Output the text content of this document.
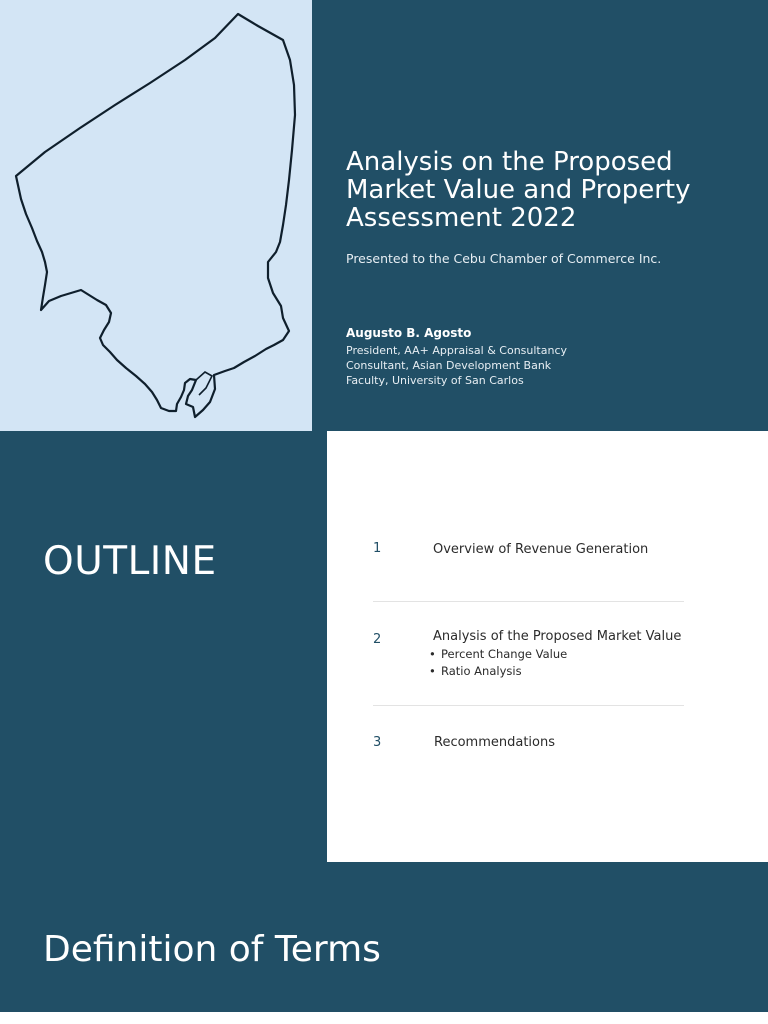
Analysis on the Proposed Market Value and Property Assessment 2022
Presented to the Cebu Chamber of Commerce Inc.
Augusto B. Agosto
President, AA+ Appraisal & Consultancy
Consultant, Asian Development Bank
Faculty, University of San Carlos
OUTLINE	1	Overview of Revenue Generation
2	Analysis of the Proposed Market Value
• Percent Change Value
• Ratio Analysis
3	Recommendations
Definition of Terms
